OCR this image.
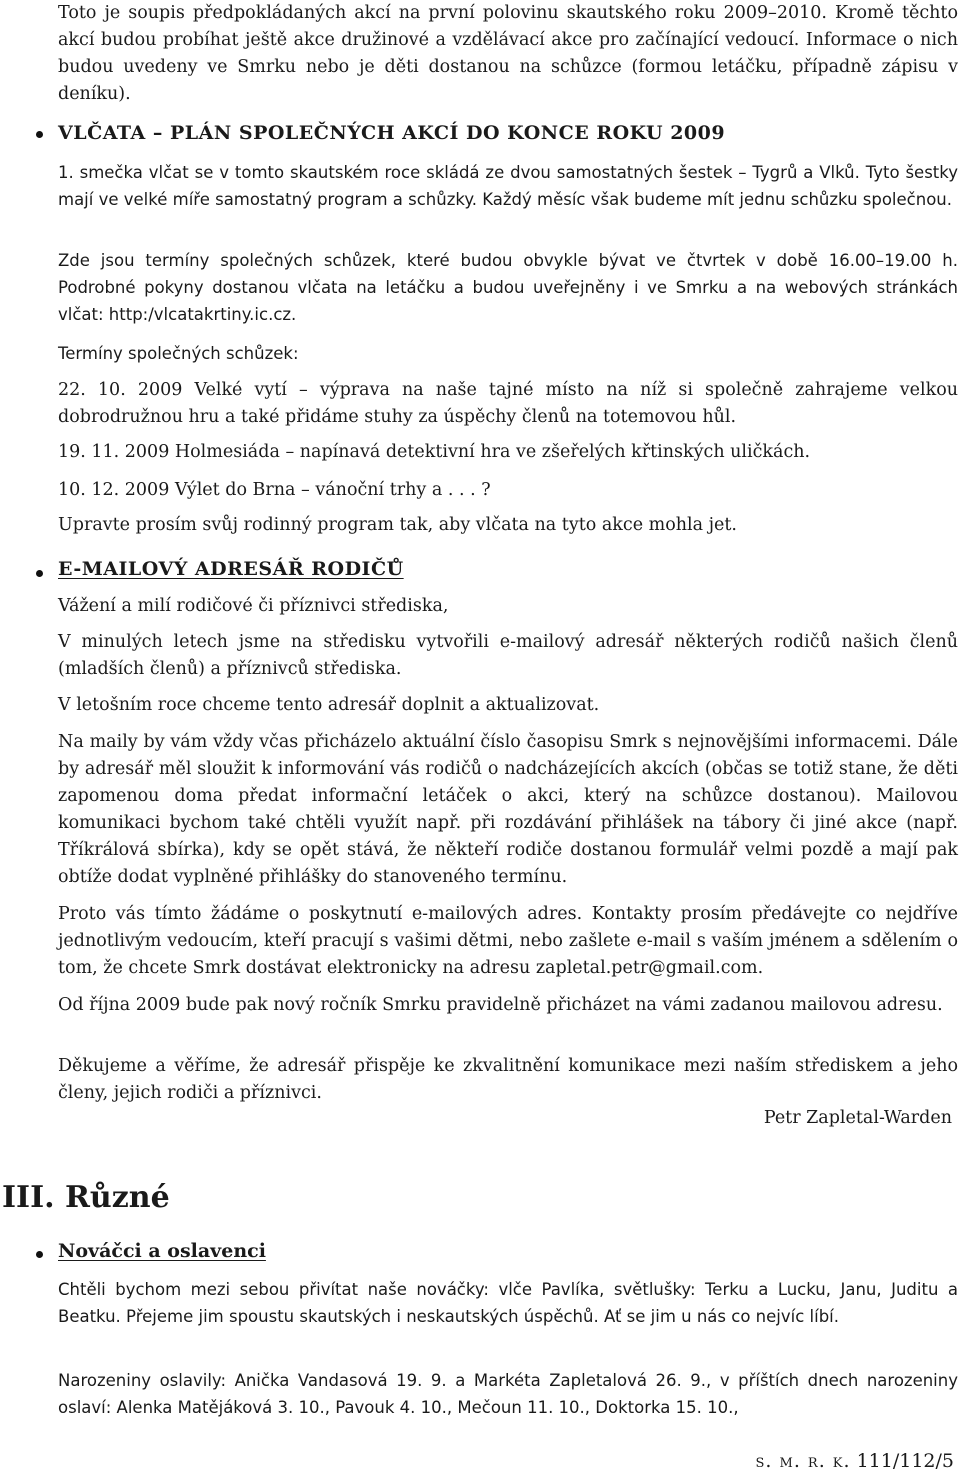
Toto je soupis předpokládaných akcí na první polovinu skautského roku 2009–2010. Kromě těchto akcí budou probíhat ještě akce družinové a vzdělávací akce pro začínající vedoucí. Informace o nich budou uvedeny ve Smrku nebo je děti dostanou na schůzce (formou letáčku, případně zápisu v deníku).

VLČATA – PLÁN SPOLEČNÝCH AKCÍ DO KONCE ROKU 2009

1. smečka vlčat se v tomto skautském roce skládá ze dvou samostatných šestek – Tygrů a Vlků. Tyto šestky mají ve velké míře samostatný program a schůzky. Každý měsíc však budeme mít jednu schůzku společnou.

Zde jsou termíny společných schůzek, které budou obvykle bývat ve čtvrtek v době 16.00–19.00 h. Podrobné pokyny dostanou vlčata na letáčku a budou uveřejněny i ve Smrku a na webových stránkách vlčat: http:/vlcatakrtiny.ic.cz.

Termíny společných schůzek:

22. 10. 2009 Velké vytí – výprava na naše tajné místo na níž si společně zahrajeme velkou dobrodružnou hru a také přidáme stuhy za úspěchy členů na totemovou hůl.

19. 11. 2009 Holmesiáda – napínavá detektivní hra ve zšeřelých křtinských uličkách.

10. 12. 2009 Výlet do Brna – vánoční trhy a . . . ?

Upravte prosím svůj rodinný program tak, aby vlčata na tyto akce mohla jet.

E-MAILOVÝ ADRESÁŘ RODIČŮ

Vážení a milí rodičové či příznivci střediska,

V minulých letech jsme na středisku vytvořili e-mailový adresář některých rodičů našich členů (mladších členů) a příznivců střediska.

V letošním roce chceme tento adresář doplnit a aktualizovat.

Na maily by vám vždy včas přicházelo aktuální číslo časopisu Smrk s nejnovějšími informacemi. Dále by adresář měl sloužit k informování vás rodičů o nadcházejících akcích (občas se totiž stane, že děti zapomenou doma předat informační letáček o akci, který na schůzce dostanou). Mailovou komunikaci bychom také chtěli využít např. při rozdávání přihlášek na tábory či jiné akce (např. Tříkrálová sbírka), kdy se opět stává, že někteří rodiče dostanou formulář velmi pozdě a mají pak obtíže dodat vyplněné přihlášky do stanoveného termínu.

Proto vás tímto žádáme o poskytnutí e-mailových adres. Kontakty prosím předávejte co nejdříve jednotlivým vedoucím, kteří pracují s vašimi dětmi, nebo zašlete e-mail s vaším jménem a sdělením o tom, že chcete Smrk dostávat elektronicky na adresu zapletal.petr@gmail.com.

Od října 2009 bude pak nový ročník Smrku pravidelně přicházet na vámi zadanou mailovou adresu.

Děkujeme a věříme, že adresář přispěje ke zkvalitnění komunikace mezi naším střediskem a jeho členy, jejich rodiči a příznivci.

Petr Zapletal-Warden
III. Různé
Nováčci a oslavenci

Chtěli bychom mezi sebou přivítat naše nováčky: vlče Pavlíka, světlušky: Terku a Lucku, Janu, Juditu a Beatku. Přejeme jim spoustu skautských i neskautských úspěchů. Ať se jim u nás co nejvíc líbí.

Narozeniny oslavily: Anička Vandasová 19. 9. a Markéta Zapletalová 26. 9., v příštích dnech narozeniny oslaví: Alenka Matějáková 3. 10., Pavouk 4. 10., Mečoun 11. 10., Doktorka 15. 10.,

s. m. r. k. 111/112/5
